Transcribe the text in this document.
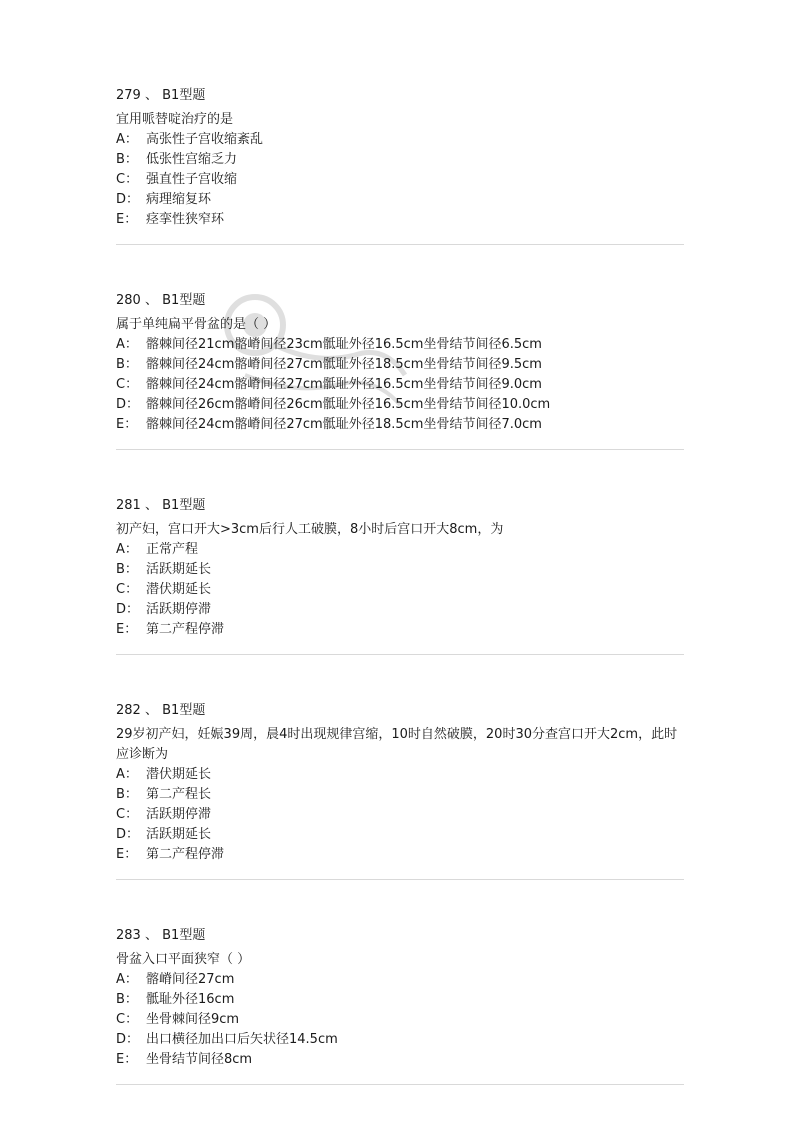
279 、 B1型题
宜用哌替啶治疗的是
A： 高张性子宫收缩紊乱
B： 低张性宫缩乏力
C： 强直性子宫收缩
D： 病理缩复环
E： 痉挛性狭窄环
280 、 B1型题
属于单纯扁平骨盆的是（ ）
A： 髂棘间径21cm髂嵴间径23cm骶耻外径16.5cm坐骨结节间径6.5cm
B： 髂棘间径24cm髂嵴间径27cm骶耻外径18.5cm坐骨结节间径9.5cm
C： 髂棘间径24cm髂嵴间径27cm骶耻外径16.5cm坐骨结节间径9.0cm
D： 髂棘间径26cm髂嵴间径26cm骶耻外径16.5cm坐骨结节间径10.0cm
E： 髂棘间径24cm髂嵴间径27cm骶耻外径18.5cm坐骨结节间径7.0cm
281 、 B1型题
初产妇，宫口开大>3cm后行人工破膜，8小时后宫口开大8cm，为
A： 正常产程
B： 活跃期延长
C： 潜伏期延长
D： 活跃期停滞
E： 第二产程停滞
282 、 B1型题
29岁初产妇，妊娠39周，晨4时出现规律宫缩，10时自然破膜，20时30分查宫口开大2cm，此时应诊断为
A： 潜伏期延长
B： 第二产程长
C： 活跃期停滞
D： 活跃期延长
E： 第二产程停滞
283 、 B1型题
骨盆入口平面狭窄（ ）
A： 髂嵴间径27cm
B： 骶耻外径16cm
C： 坐骨棘间径9cm
D： 出口横径加出口后矢状径14.5cm
E： 坐骨结节间径8cm
